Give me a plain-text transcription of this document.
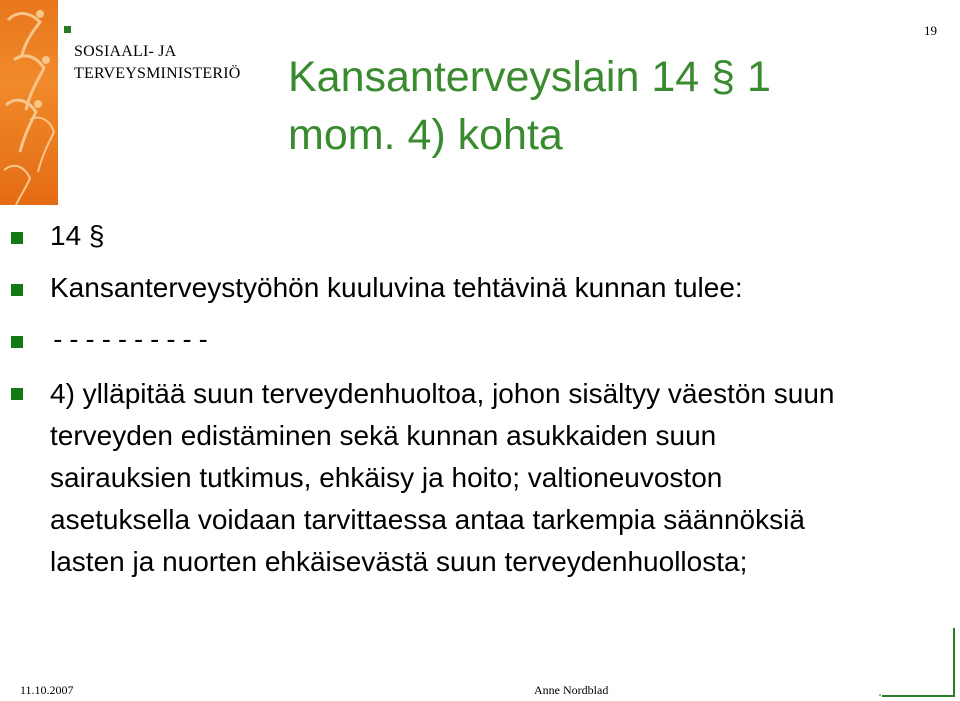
SOSIAALI- JA
TERVEYSMINISTERIÖ Kansanterveyslain 14 § 1
mom. 4) kohta
19
14 §
Kansanterveystyöhön kuuluvina tehtävinä kunnan tulee:
----------
4) ylläpitää suun terveydenhuoltoa, johon sisältyy väestön suun
terveyden edistäminen sekä kunnan asukkaiden suun
sairauksien tutkimus, ehkäisy ja hoito; valtioneuvoston
asetuksella voidaan tarvittaessa antaa tarkempia säännöksiä
lasten ja nuorten ehkäisevästä suun terveydenhuollosta;
11.10.2007	Anne Nordblad
